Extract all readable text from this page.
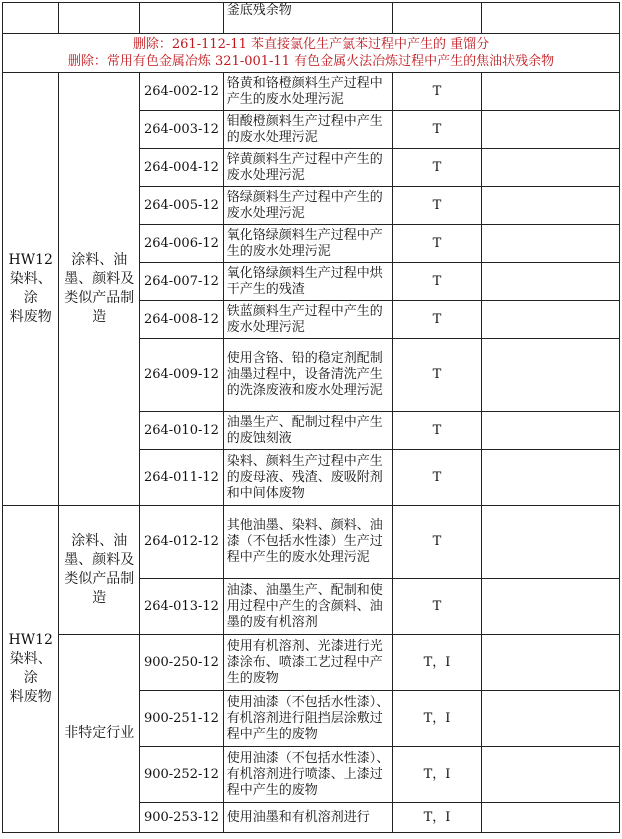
			釜底残余物		

删除：261-112-11 苯直接氯化生产氯苯过程中产生的 重馏分
删除：常用有色金属冶炼 321-001-11 有色金属火法冶炼过程中产生的焦油状残余物					

HW12
染料、涂
料废物	涂料、油墨、颜料及类似产品制造	264-002-12	铬黄和铬橙颜料生产过程中产生的废水处理污泥	T	
		264-003-12	钼酸橙颜料生产过程中产生的废水处理污泥	T	
		264-004-12	锌黄颜料生产过程中产生的废水处理污泥	T	
		264-005-12	铬绿颜料生产过程中产生的废水处理污泥	T	
		264-006-12	氧化铬绿颜料生产过程中产生的废水处理污泥	T	
		264-007-12	氧化铬绿颜料生产过程中烘干产生的残渣	T	
		264-008-12	铁蓝颜料生产过程中产生的废水处理污泥	T	
		264-009-12	使用含铬、铅的稳定剂配制油墨过程中，设备清洗产生的洗涤废液和废水处理污泥	T	
		264-010-12	油墨生产、配制过程中产生的废蚀刻液	T	
		264-011-12	染料、颜料生产过程中产生的废母液、残渣、废吸附剂和中间体废物	T	
HW12
染料、涂
料废物	涂料、油墨、颜料及类似产品制造	264-012-12	其他油墨、染料、颜料、油漆（不包括水性漆）生产过程中产生的废水处理污泥	T	
		264-013-12	油漆、油墨生产、配制和使用过程中产生的含颜料、油墨的废有机溶剂	T	
	非特定行业	900-250-12	使用有机溶剂、光漆进行光漆涂布、喷漆工艺过程中产生的废物	T，I	
		900-251-12	使用油漆（不包括水性漆）、有机溶剂进行阻挡层涂敷过程中产生的废物	T，I	
		900-252-12	使用油漆（不包括水性漆）、有机溶剂进行喷漆、上漆过程中产生的废物	T，I	
		900-253-12	使用油墨和有机溶剂进行	T，I	
